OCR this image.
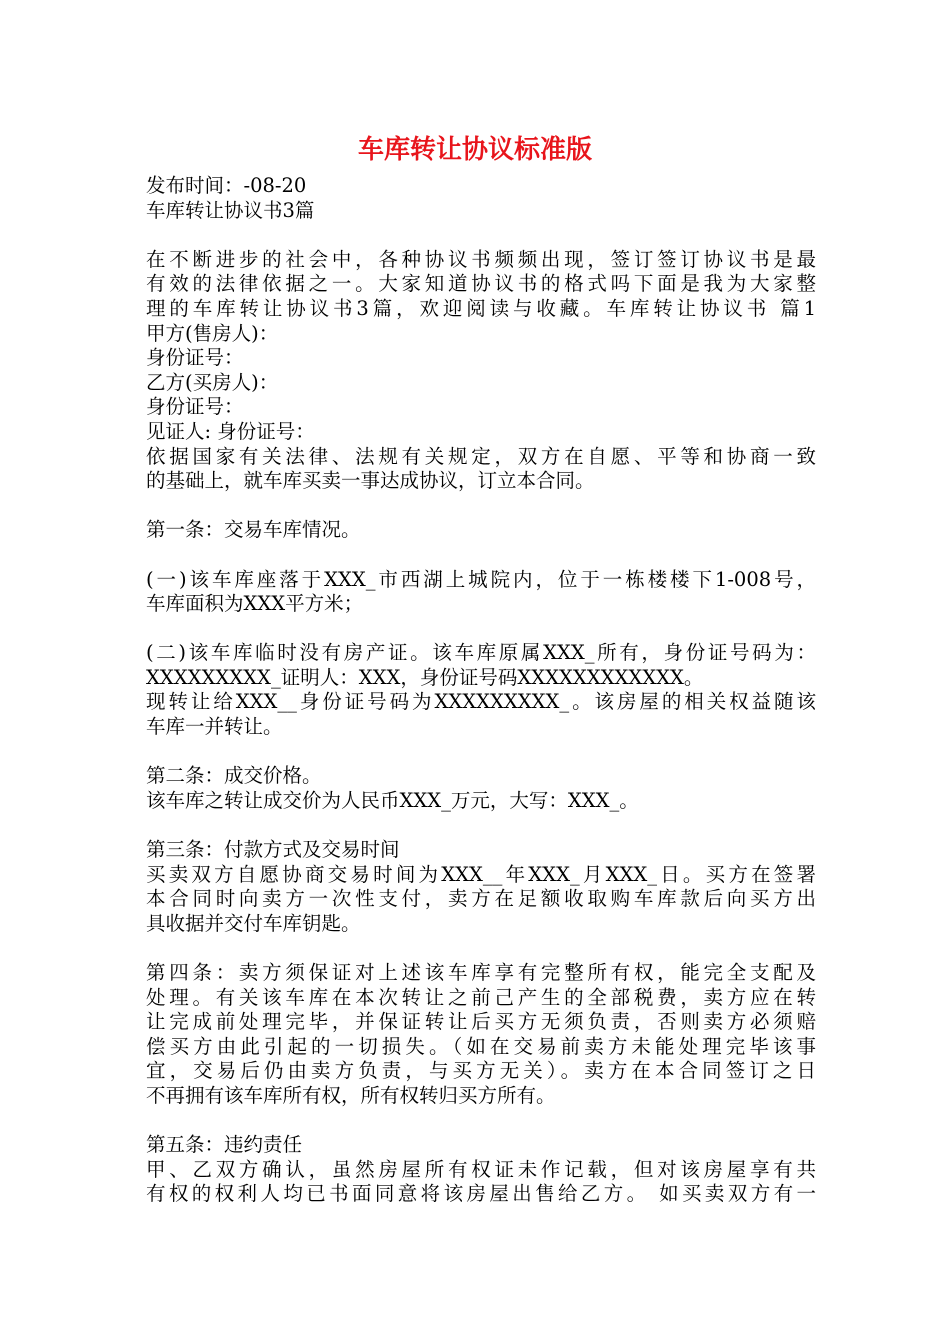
车库转让协议标准版
发布时间：-08-20
车库转让协议书3篇
在不断进步的社会中，各种协议书频频出现，签订签订协议书是最
有效的法律依据之一。大家知道协议书的格式吗下面是我为大家整
理的车库转让协议书3篇，欢迎阅读与收藏。车库转让协议书 篇1
甲方(售房人)：
身份证号：
乙方(买房人)：
身份证号：
见证人: 身份证号：
依据国家有关法律、法规有关规定，双方在自愿、平等和协商一致
的基础上，就车库买卖一事达成协议，订立本合同。
第一条：交易车库情况。
(一)该车库座落于XXX_市西湖上城院内，位于一栋楼楼下1-008号，
车库面积为XXX平方米；
(二)该车库临时没有房产证。该车库原属XXX_所有，身份证号码为：
XXXXXXXXX_证明人：XXX，身份证号码XXXXXXXXXXXX。
现转让给XXX__身份证号码为XXXXXXXXX_。该房屋的相关权益随该
车库一并转让。
第二条：成交价格。
该车库之转让成交价为人民币XXX_万元，大写：XXX_。
第三条：付款方式及交易时间
买卖双方自愿协商交易时间为XXX__年XXX_月XXX_日。买方在签署
本合同时向卖方一次性支付，卖方在足额收取购车库款后向买方出
具收据并交付车库钥匙。
第四条：卖方须保证对上述该车库享有完整所有权，能完全支配及
处理。有关该车库在本次转让之前己产生的全部税费，卖方应在转
让完成前处理完毕，并保证转让后买方无须负责，否则卖方必须赔
偿买方由此引起的一切损失。（如在交易前卖方未能处理完毕该事
宜，交易后仍由卖方负责，与买方无关）。卖方在本合同签订之日
不再拥有该车库所有权，所有权转归买方所有。
第五条：违约责任
甲、乙双方确认，虽然房屋所有权证未作记载，但对该房屋享有共
有权的权利人均已书面同意将该房屋出售给乙方。 如买卖双方有一
